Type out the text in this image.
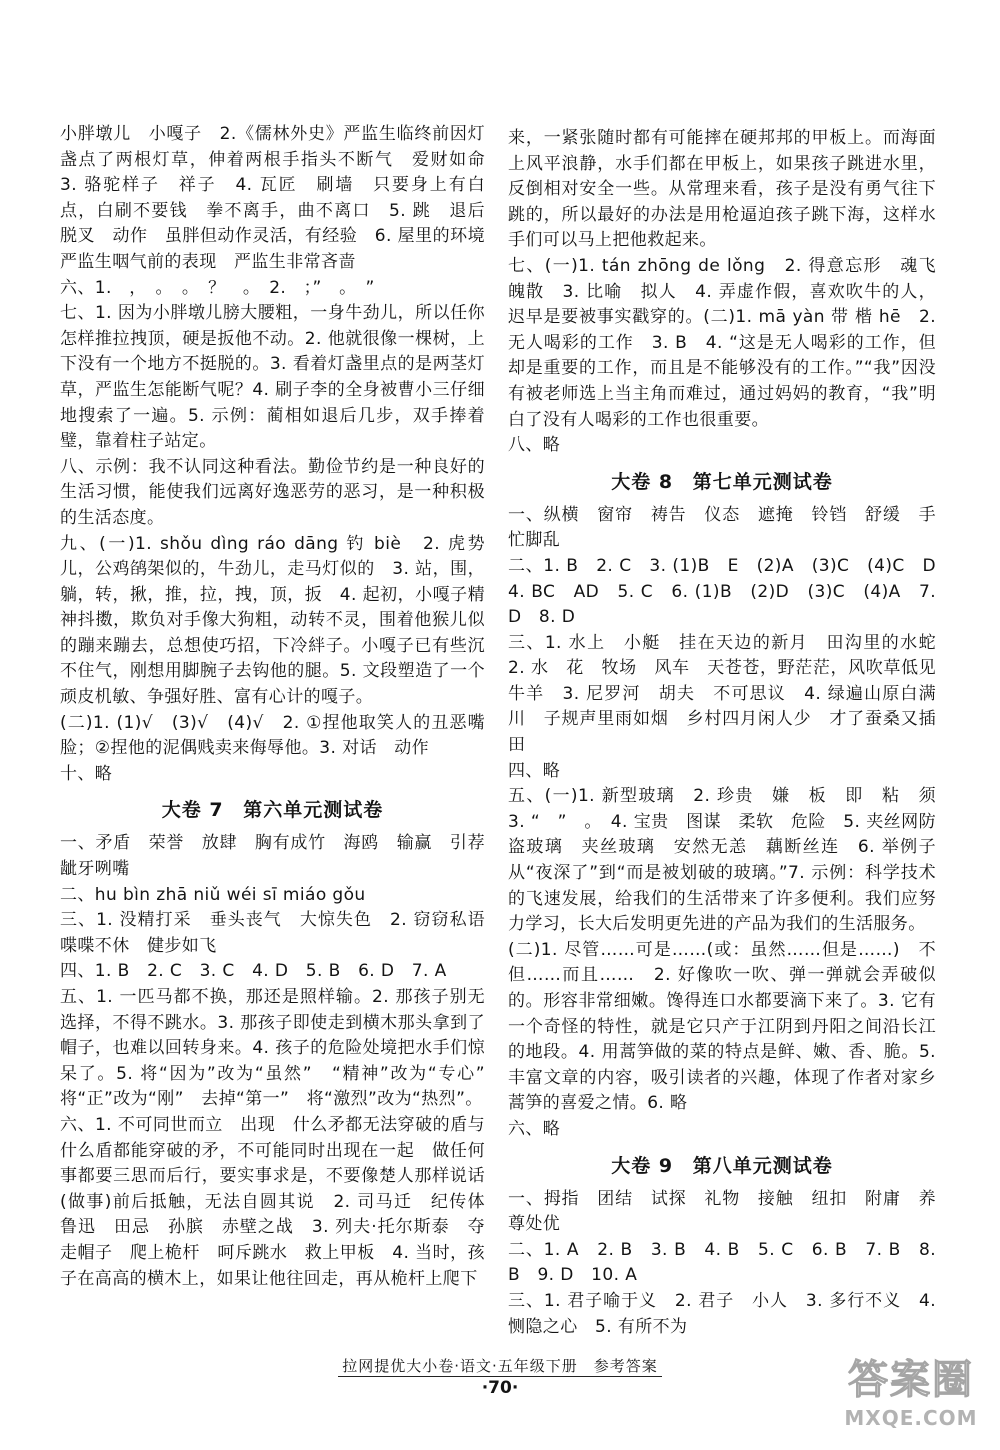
小胖墩儿　小嘎子　2.《儒林外史》严监生临终前因灯盏点了两根灯草，伸着两根手指头不断气　爱财如命　3. 骆驼样子　祥子　4. 瓦匠　刷墙　只要身上有白点，白刷不要钱　拳不离手，曲不离口　5. 跳　退后　脱叉　动作　虽胖但动作灵活，有经验　6. 屋里的环境　严监生咽气前的表现　严监生非常吝啬

六、1.　，　。　。　？　。　2.　；”　。　”

七、1. 因为小胖墩儿膀大腰粗，一身牛劲儿，所以任你怎样推拉拽顶，硬是扳他不动。2. 他就很像一棵树，上下没有一个地方不挺脱的。3. 看着灯盏里点的是两茎灯草，严监生怎能断气呢？4. 刷子李的全身被曹小三仔细地搜索了一遍。5. 示例：蔺相如退后几步，双手捧着璧，靠着柱子站定。

八、示例：我不认同这种看法。勤俭节约是一种良好的生活习惯，能使我们远离好逸恶劳的恶习，是一种积极的生活态度。

九、(一)1. shǒu dìng ráo dāng 钓 biè　2. 虎势儿，公鸡鹐架似的，牛劲儿，走马灯似的　3. 站，围，躺，转，揪，推，拉，拽，顶，扳　4. 起初，小嘎子精神抖擞，欺负对手像大狗粗，动转不灵，围着他猴儿似的蹦来蹦去，总想使巧招，下冷絆子。小嘎子已有些沉不住气，刚想用脚腕子去钩他的腿。5. 文段塑造了一个顽皮机敏、争强好胜、富有心计的嘎子。

(二)1. (1)√　(3)√　(4)√　2. ①捏他取笑人的丑恶嘴脸；②捏他的泥偶贱卖来侮辱他。3. 对话　动作

十、略

大卷 7 第六单元测试卷

一、矛盾　荣誉　放肆　胸有成竹　海鸥　输赢　引荐　龇牙咧嘴

二、hu bìn zhā niǔ wéi sī miáo gǒu

三、1. 没精打采　垂头丧气　大惊失色　2. 窃窃私语　喋喋不休　健步如飞

四、1. B　2. C　3. C　4. D　5. B　6. D　7. A

五、1. 一匹马都不换，那还是照样输。2. 那孩子别无选择，不得不跳水。3. 那孩子即使走到横木那头拿到了帽子，也难以回转身来。4. 孩子的危险处境把水手们惊呆了。5. 将“因为”改为“虽然”　“精神”改为“专心”　将“正”改为“刚”　去掉“第一”　将“激烈”改为“热烈”。

六、1. 不可同世而立　出现　什么矛都无法穿破的盾与什么盾都能穿破的矛，不可能同时出现在一起　做任何事都要三思而后行，要实事求是，不要像楚人那样说话(做事)前后抵触，无法自圆其说　2. 司马迁　纪传体　鲁迅　田忌　孙膑　赤壁之战　3. 列夫·托尔斯泰　夺走帽子　爬上桅杆　呵斥跳水　救上甲板　4. 当时，孩子在高高的横木上，如果让他往回走，再从桅杆上爬下

来，一紧张随时都有可能摔在硬邦邦的甲板上。而海面上风平浪静，水手们都在甲板上，如果孩子跳进水里，反倒相对安全一些。从常理来看，孩子是没有勇气往下跳的，所以最好的办法是用枪逼迫孩子跳下海，这样水手们可以马上把他救起来。

七、(一)1. tán zhōng de lǒng　2. 得意忘形　魂飞魄散　3. 比喻　拟人　4. 弄虚作假，喜欢吹牛的人，迟早是要被事实戳穿的。(二)1. mā yàn 带 楷 hē　2. 无人喝彩的工作　3. B　4. “这是无人喝彩的工作，但却是重要的工作，而且是不能够没有的工作。”“我”因没有被老师选上当主角而难过，通过妈妈的教育，“我”明白了没有人喝彩的工作也很重要。

八、略

大卷 8 第七单元测试卷

一、纵横　窗帘　祷告　仪态　遮掩　铃铛　舒缓　手忙脚乱

二、1. B　2. C　3. (1)B　E　(2)A　(3)C　(4)C　D　4. BC　AD　5. C　6. (1)B　(2)D　(3)C　(4)A　7. D　8. D

三、1. 水上　小艇　挂在天边的新月　田沟里的水蛇　2. 水　花　牧场　风车　天苍苍，野茫茫，风吹草低见牛羊　3. 尼罗河　胡夫　不可思议　4. 绿遍山原白满川　子规声里雨如烟　乡村四月闲人少　才了蚕桑又插田

四、略

五、(一)1. 新型玻璃　2. 珍贵　嫌　板　即　粘　须　3. “　”　。　4. 宝贵　图谋　柔软　危险　5. 夹丝网防盗玻璃　夹丝玻璃　安然无恙　藕断丝连　6. 举例子　从“夜深了”到“而是被划破的玻璃。”7. 示例：科学技术的飞速发展，给我们的生活带来了许多便利。我们应努力学习，长大后发明更先进的产品为我们的生活服务。

(二)1. 尽管……可是……(或：虽然……但是……)　不但……而且……　2. 好像吹一吹、弹一弹就会弄破似的。形容非常细嫩。馋得连口水都要滴下来了。3. 它有一个奇怪的特性，就是它只产于江阴到丹阳之间沿长江的地段。4. 用蒿笋做的菜的特点是鲜、嫩、香、脆。5. 丰富文章的内容，吸引读者的兴趣，体现了作者对家乡蒿笋的喜爱之情。6. 略

六、略

大卷 9 第八单元测试卷

一、拇指　团结　试探　礼物　接触　纽扣　附庸　养尊处优

二、1. A　2. B　3. B　4. B　5. C　6. B　7. B　8. B　9. D　10. A

三、1. 君子喻于义　2. 君子　小人　3. 多行不义　4. 恻隐之心　5. 有所不为

拉网提优大小卷·语文·五年级下册　参考答案
·70·	答案圈
MXQE.COM
